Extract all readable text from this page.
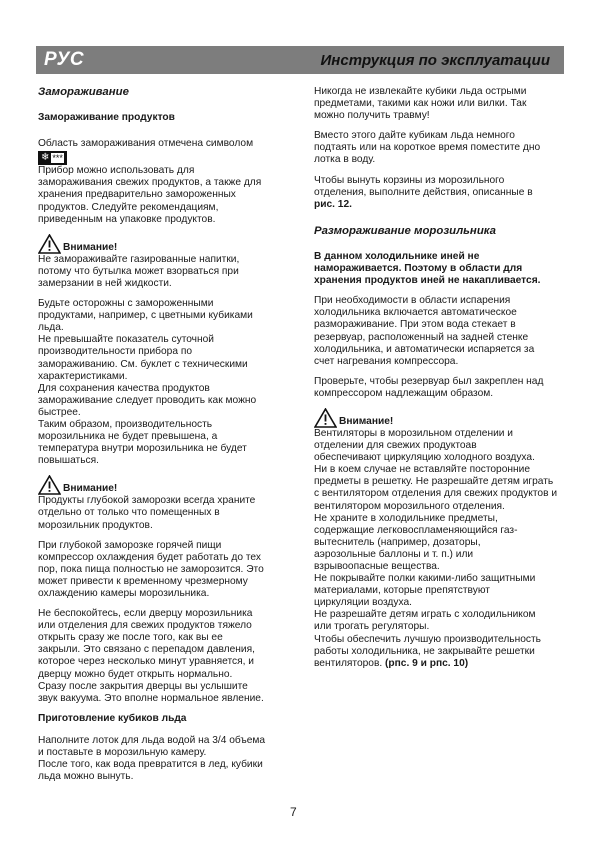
РУС	Инструкция по эксплуатации
Замораживание
Замораживание продуктов

Область замораживания отмечена символом

❄ ***

Прибор можно использовать для
замораживания свежих продуктов, а также для
хранения предварительно замороженных
продуктов. Следуйте рекомендациям,
приведенным на упаковке продуктов.

Внимание!

Не замораживайте газированные напитки,
потому что бутылка может взорваться при
замерзании в ней жидкости.

Будьте осторожны с замороженными
продуктами, например, с цветными кубиками
льда.
Не превышайте показатель суточной
производительности прибора по
замораживанию. См. буклет с техническими
характеристиками.
Для сохранения качества продуктов
замораживание следует проводить как можно
быстрее.
Таким образом, производительность
морозильника не будет превышена, а
температура внутри морозильника не будет
повышаться.

Внимание!

Продукты глубокой заморозки всегда храните
отдельно от только что помещенных в
морозильник продуктов.

При глубокой заморозке горячей пищи
компрессор охлаждения будет работать до тех
пор, пока пища полностью не заморозится. Это
может привести к временному чрезмерному
охлаждению камеры морозильника.

Не беспокойтесь, если дверцу морозильника
или отделения для свежих продуктов тяжело
открыть сразу же после того, как вы ее
закрыли. Это связано с перепадом давления,
которое через несколько минут уравняется, и
дверцу можно будет открыть нормально.
Сразу после закрытия дверцы вы услышите
звук вакуума. Это вполне нормальное явление.

Приготовление кубиков льда

Наполните лоток для льда водой на 3/4 объема
и поставьте в морозильную камеру.
После того, как вода превратится в лед, кубики
льда можно вынуть.

Никогда не извлекайте кубики льда острыми
предметами, такими как ножи или вилки. Так
можно получить травму!

Вместо этого дайте кубикам льда немного
подтаять или на короткое время поместите дно
лотка в воду.

Чтобы вынуть корзины из морозильного
отделения, выполните действия, описанные в
рис. 12.

Размораживание морозильника

В данном холодильнике иней не
намораживается. Поэтому в области для
хранения продуктов иней не накапливается.

При необходимости в области испарения
холодильника включается автоматическое
размораживание. При этом вода стекает в
резервуар, расположенный на задней стенке
холодильника, и автоматически испаряется за
счет нагревания компрессора.

Проверьте, чтобы резервуар был закреплен над
компрессором надлежащим образом.

Внимание!

Вентиляторы в морозильном отделении и
отделении для свежих продуктоав
обеспечивают циркуляцию холодного воздуха.
Ни в коем случае не вставляйте посторонние
предметы в решетку. Не разрешайте детям играть
с вентилятором отделения для свежих продуктов и
вентилятором морозильного отделения.
Не храните в холодильнике предметы,
содержащие легковоспламеняющийся газ-
вытеснитель (например, дозаторы,
аэрозольные баллоны и т. п.) или
взрывоопасные вещества.
Не покрывайте полки какими-либо защитными
материалами, которые препятствуют
циркуляции воздуха.
Не разрешайте детям играть с холодильником
или трогать регуляторы.
Чтобы обеспечить лучшую производительность
работы холодильника, не закрывайте решетки
вентиляторов. (рпс. 9 и рпс. 10)

7
